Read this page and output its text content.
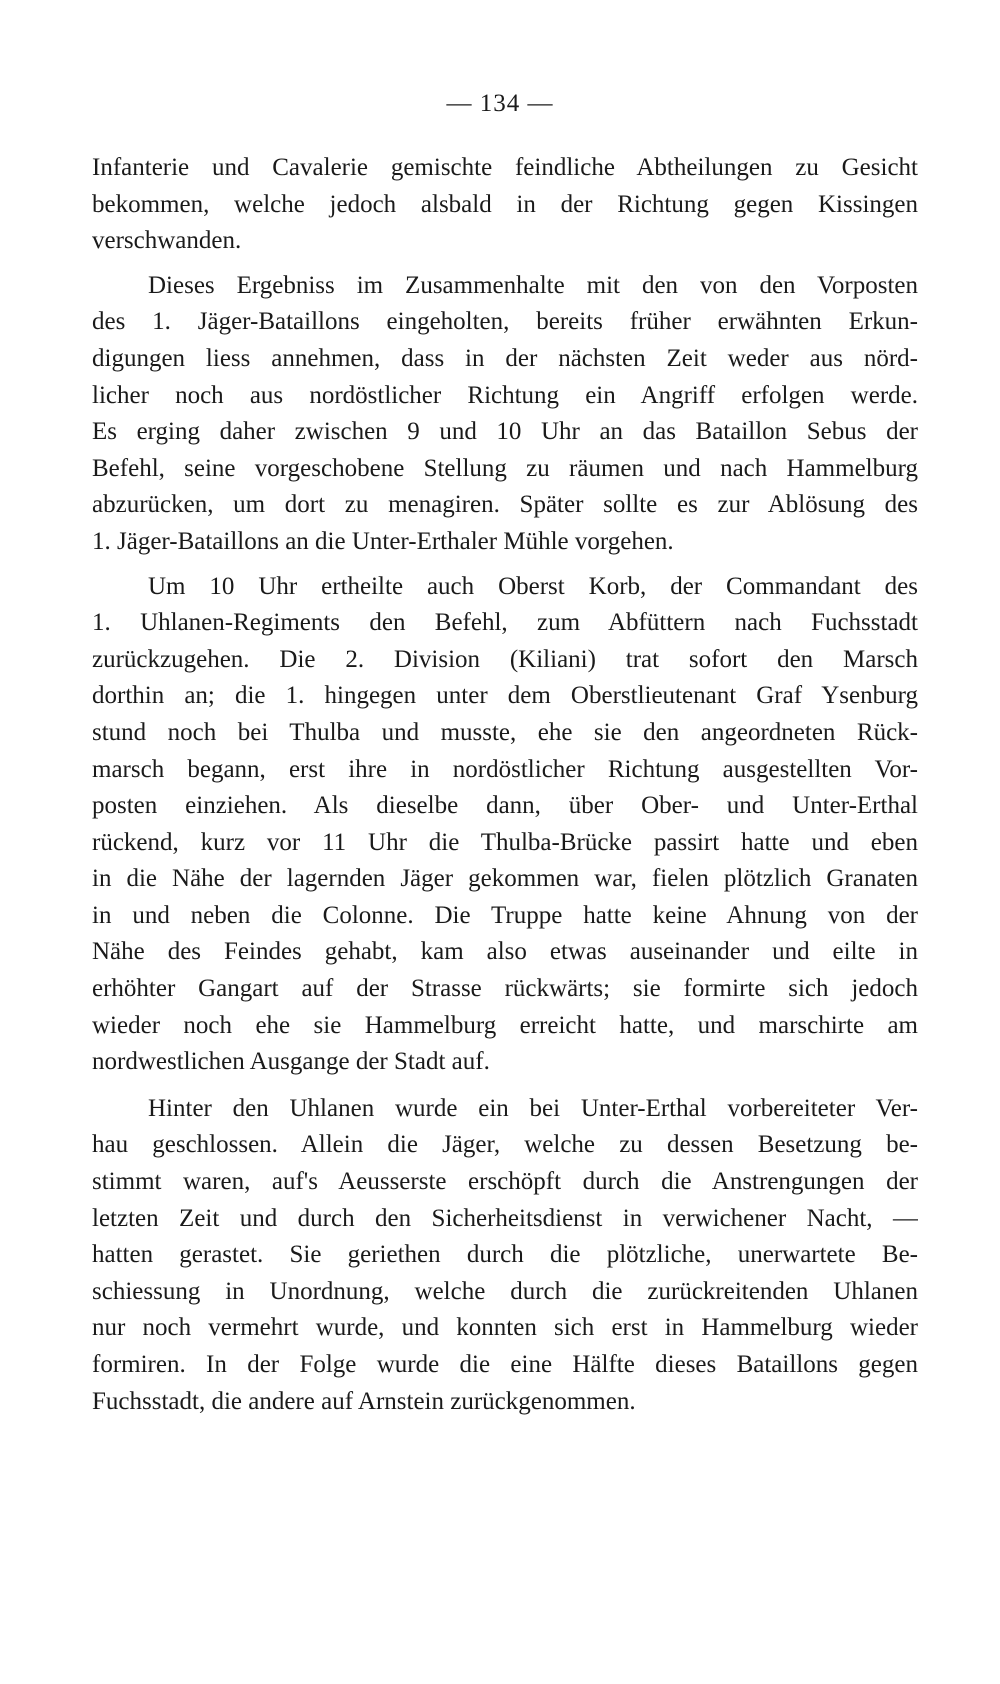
— 134 —
Infanterie und Cavalerie gemischte feindliche Abtheilungen zu Gesicht
bekommen, welche jedoch alsbald in der Richtung gegen Kissingen
verschwanden.
Dieses Ergebniss im Zusammenhalte mit den von den Vorposten
des 1. Jäger-Bataillons eingeholten, bereits früher erwähnten Erkun-
digungen liess annehmen, dass in der nächsten Zeit weder aus nörd-
licher noch aus nordöstlicher Richtung ein Angriff erfolgen werde.
Es erging daher zwischen 9 und 10 Uhr an das Bataillon Sebus der
Befehl, seine vorgeschobene Stellung zu räumen und nach Hammelburg
abzurücken, um dort zu menagiren. Später sollte es zur Ablösung des
1. Jäger-Bataillons an die Unter-Erthaler Mühle vorgehen.
Um 10 Uhr ertheilte auch Oberst Korb, der Commandant des
1. Uhlanen-Regiments den Befehl, zum Abfüttern nach Fuchsstadt
zurückzugehen. Die 2. Division (Kiliani) trat sofort den Marsch
dorthin an; die 1. hingegen unter dem Oberstlieutenant Graf Ysenburg
stund noch bei Thulba und musste, ehe sie den angeordneten Rück-
marsch begann, erst ihre in nordöstlicher Richtung ausgestellten Vor-
posten einziehen. Als dieselbe dann, über Ober- und Unter-Erthal
rückend, kurz vor 11 Uhr die Thulba-Brücke passirt hatte und eben
in die Nähe der lagernden Jäger gekommen war, fielen plötzlich Granaten
in und neben die Colonne. Die Truppe hatte keine Ahnung von der
Nähe des Feindes gehabt, kam also etwas auseinander und eilte in
erhöhter Gangart auf der Strasse rückwärts; sie formirte sich jedoch
wieder noch ehe sie Hammelburg erreicht hatte, und marschirte am
nordwestlichen Ausgange der Stadt auf.
Hinter den Uhlanen wurde ein bei Unter-Erthal vorbereiteter Ver-
hau geschlossen. Allein die Jäger, welche zu dessen Besetzung be-
stimmt waren, auf's Aeusserste erschöpft durch die Anstrengungen der
letzten Zeit und durch den Sicherheitsdienst in verwichener Nacht, —
hatten gerastet. Sie geriethen durch die plötzliche, unerwartete Be-
schiessung in Unordnung, welche durch die zurückreitenden Uhlanen
nur noch vermehrt wurde, und konnten sich erst in Hammelburg wieder
formiren. In der Folge wurde die eine Hälfte dieses Bataillons gegen
Fuchsstadt, die andere auf Arnstein zurückgenommen.
